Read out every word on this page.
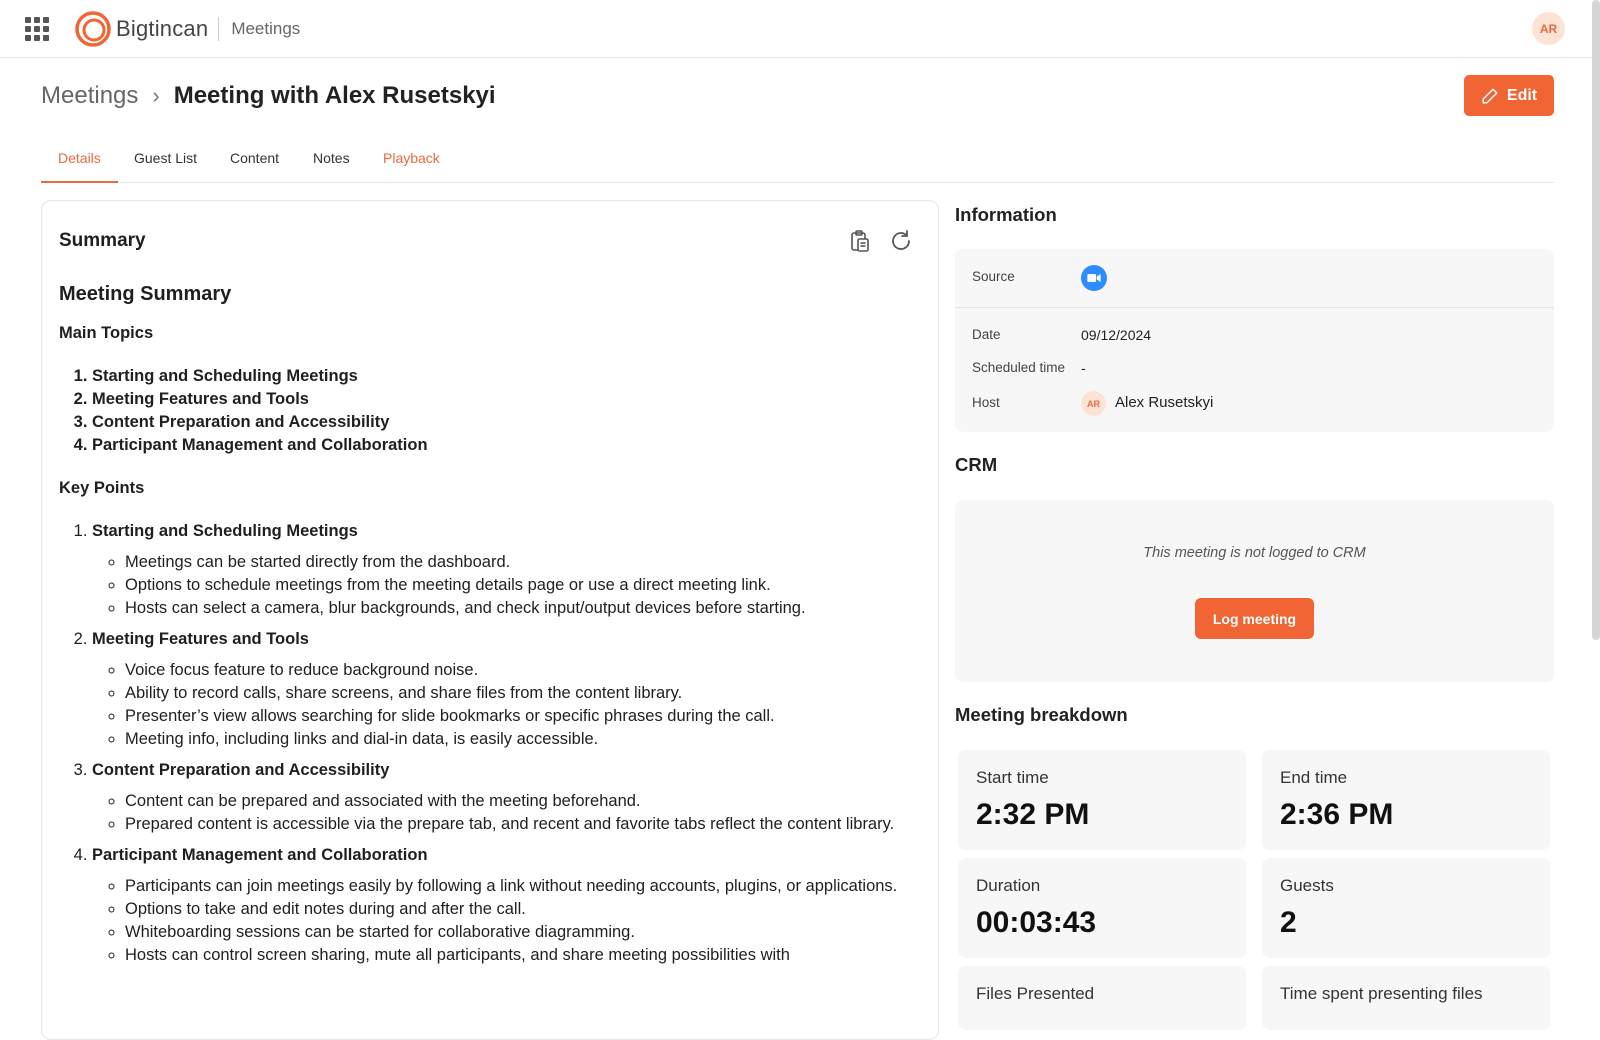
Bigtincan Meetings	AR
Meetings › Meeting with Alex Rusetskyi	Edit
Details	Guest List	Content	Notes	Playback
Summary
Meeting Summary
Main Topics
1. Starting and Scheduling Meetings
2. Meeting Features and Tools
3. Content Preparation and Accessibility
4. Participant Management and Collaboration
Key Points
1. Starting and Scheduling Meetings
◦ Meetings can be started directly from the dashboard.
◦ Options to schedule meetings from the meeting details page or use a direct meeting link.
◦ Hosts can select a camera, blur backgrounds, and check input/output devices before starting.
2. Meeting Features and Tools
◦ Voice focus feature to reduce background noise.
◦ Ability to record calls, share screens, and share files from the content library.
◦ Presenter’s view allows searching for slide bookmarks or specific phrases during the call.
◦ Meeting info, including links and dial-in data, is easily accessible.
3. Content Preparation and Accessibility
◦ Content can be prepared and associated with the meeting beforehand.
◦ Prepared content is accessible via the prepare tab, and recent and favorite tabs reflect the content library.
4. Participant Management and Collaboration
◦ Participants can join meetings easily by following a link without needing accounts, plugins, or applications.
◦ Options to take and edit notes during and after the call.
◦ Whiteboarding sessions can be started for collaborative diagramming.
◦ Hosts can control screen sharing, mute all participants, and share meeting possibilities with
Information
Source
Date	09/12/2024
Scheduled time -
Host	AR	Alex Rusetskyi
CRM
This meeting is not logged to CRM
Log meeting
Meeting breakdown
Start time
2:32 PM
End time
2:36 PM
Duration
00:03:43
Guests
2
Files Presented	Time spent presenting files
